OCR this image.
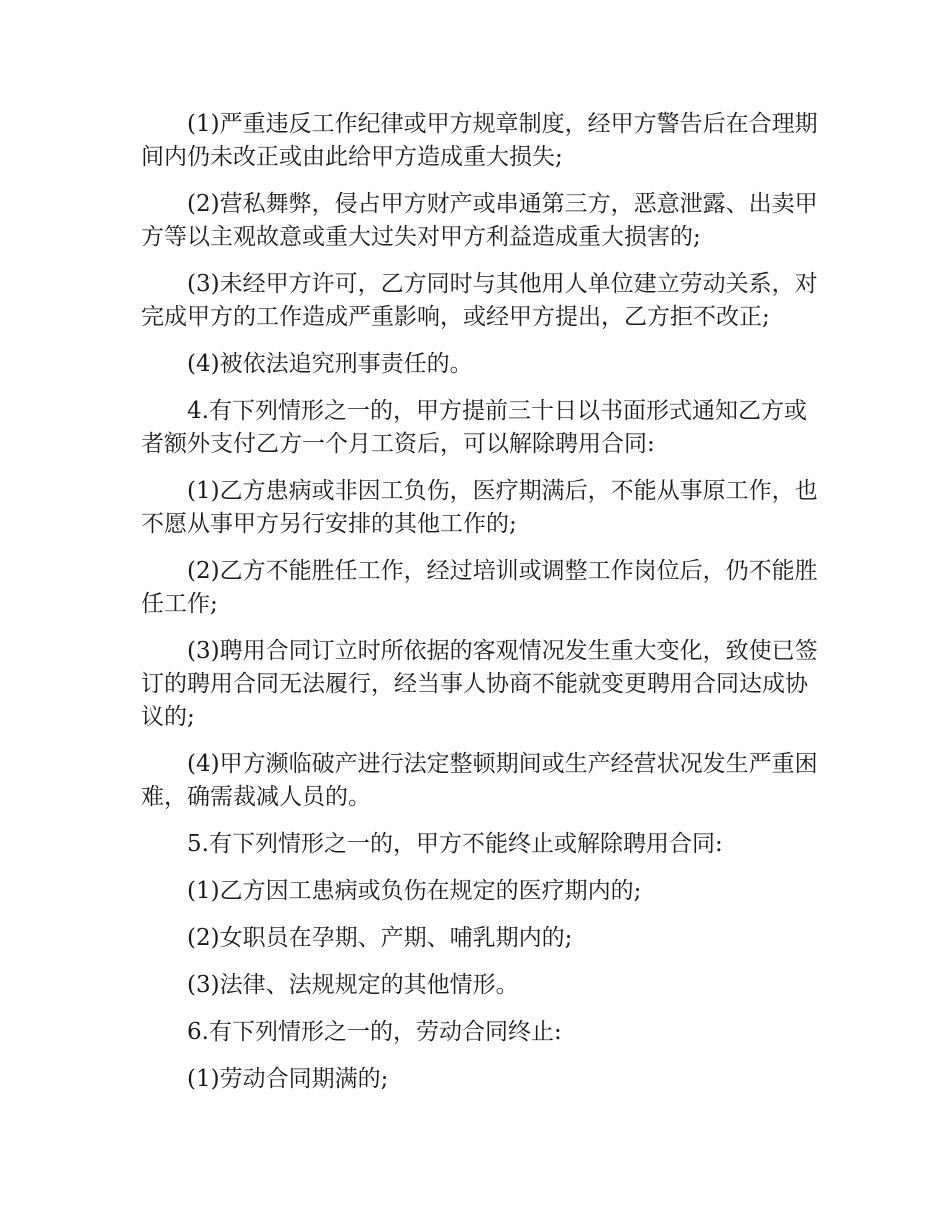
(1)严重违反工作纪律或甲方规章制度，经甲方警告后在合理期间内仍未改正或由此给甲方造成重大损失;

(2)营私舞弊，侵占甲方财产或串通第三方，恶意泄露、出卖甲方等以主观故意或重大过失对甲方利益造成重大损害的;

(3)未经甲方许可，乙方同时与其他用人单位建立劳动关系，对完成甲方的工作造成严重影响，或经甲方提出，乙方拒不改正;

(4)被依法追究刑事责任的。

4.有下列情形之一的，甲方提前三十日以书面形式通知乙方或者额外支付乙方一个月工资后，可以解除聘用合同:

(1)乙方患病或非因工负伤，医疗期满后，不能从事原工作，也不愿从事甲方另行安排的其他工作的;

(2)乙方不能胜任工作，经过培训或调整工作岗位后，仍不能胜任工作;

(3)聘用合同订立时所依据的客观情况发生重大变化，致使已签订的聘用合同无法履行，经当事人协商不能就变更聘用合同达成协议的;

(4)甲方濒临破产进行法定整顿期间或生产经营状况发生严重困难，确需裁减人员的。

5.有下列情形之一的，甲方不能终止或解除聘用合同:

(1)乙方因工患病或负伤在规定的医疗期内的;

(2)女职员在孕期、产期、哺乳期内的;

(3)法律、法规规定的其他情形。

6.有下列情形之一的，劳动合同终止:

(1)劳动合同期满的;
